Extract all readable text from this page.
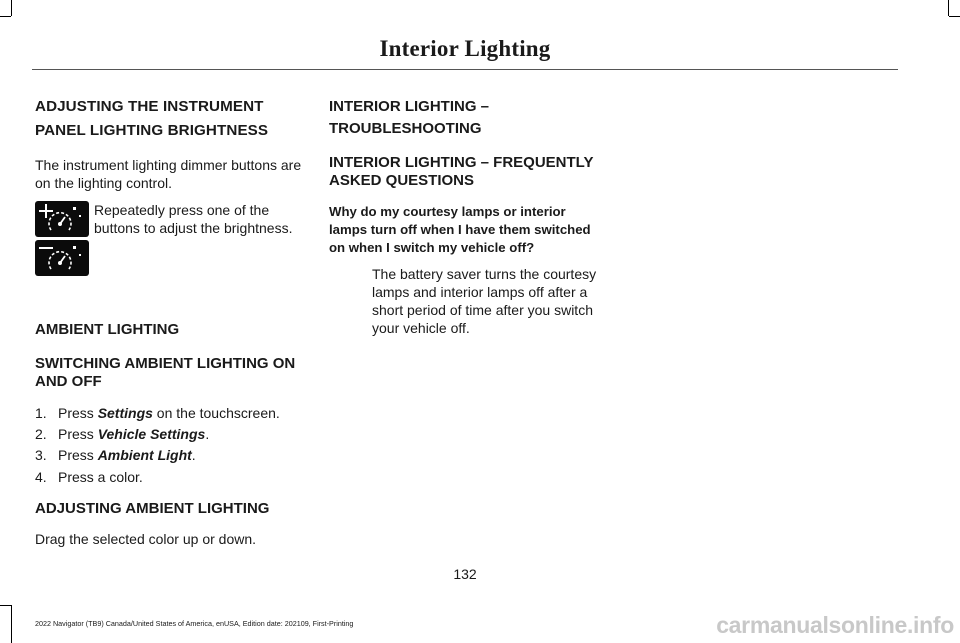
Interior Lighting
ADJUSTING THE INSTRUMENT
PANEL LIGHTING BRIGHTNESS

The instrument lighting dimmer buttons are on the lighting control.

Repeatedly press one of the buttons to adjust the brightness.

AMBIENT LIGHTING
SWITCHING AMBIENT LIGHTING ON AND OFF
1. Press Settings on the touchscreen.
2. Press Vehicle Settings.
3. Press Ambient Light.
4. Press a color.
ADJUSTING AMBIENT LIGHTING

Drag the selected color up or down.

INTERIOR LIGHTING –
TROUBLESHOOTING
INTERIOR LIGHTING – FREQUENTLY ASKED QUESTIONS

Why do my courtesy lamps or interior lamps turn off when I have them switched on when I switch my vehicle off?

The battery saver turns the courtesy lamps and interior lamps off after a short period of time after you switch your vehicle off.

132
2022 Navigator (TB9) Canada/United States of America, enUSA, Edition date: 202109, First-Printing	carmanualsonline.info
